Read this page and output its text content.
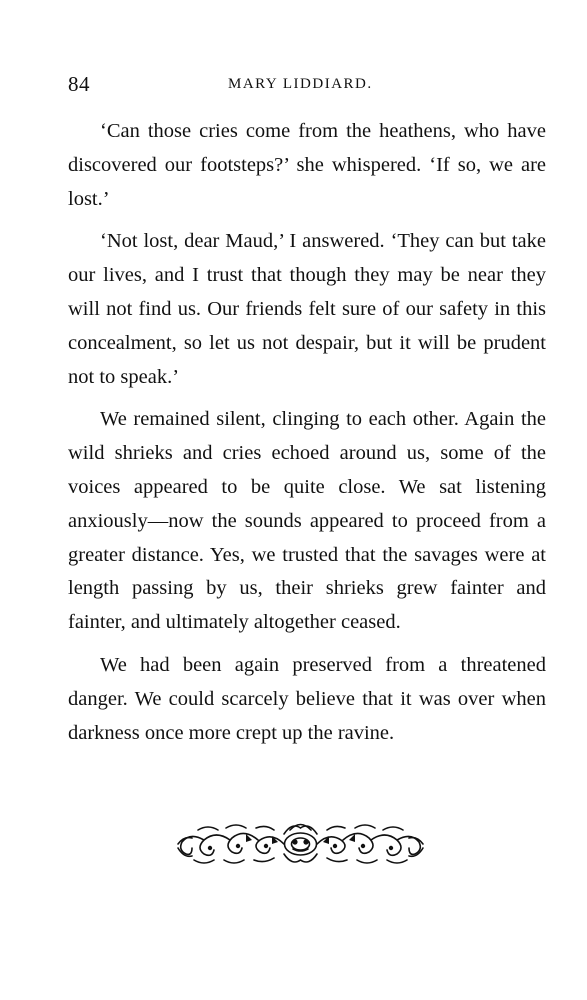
84	MARY LIDDIARD.

‘Can those cries come from the heathens, who have discovered our footsteps?’ she whispered. ‘If so, we are lost.’

‘Not lost, dear Maud,’ I answered. ‘They can but take our lives, and I trust that though they may be near they will not find us. Our friends felt sure of our safety in this concealment, so let us not despair, but it will be prudent not to speak.’

We remained silent, clinging to each other. Again the wild shrieks and cries echoed around us, some of the voices appeared to be quite close. We sat listening anxiously—now the sounds appeared to proceed from a greater distance. Yes, we trusted that the savages were at length passing by us, their shrieks grew fainter and fainter, and ultimately altogether ceased.

We had been again preserved from a threatened danger. We could scarcely believe that it was over when darkness once more crept up the ravine.
